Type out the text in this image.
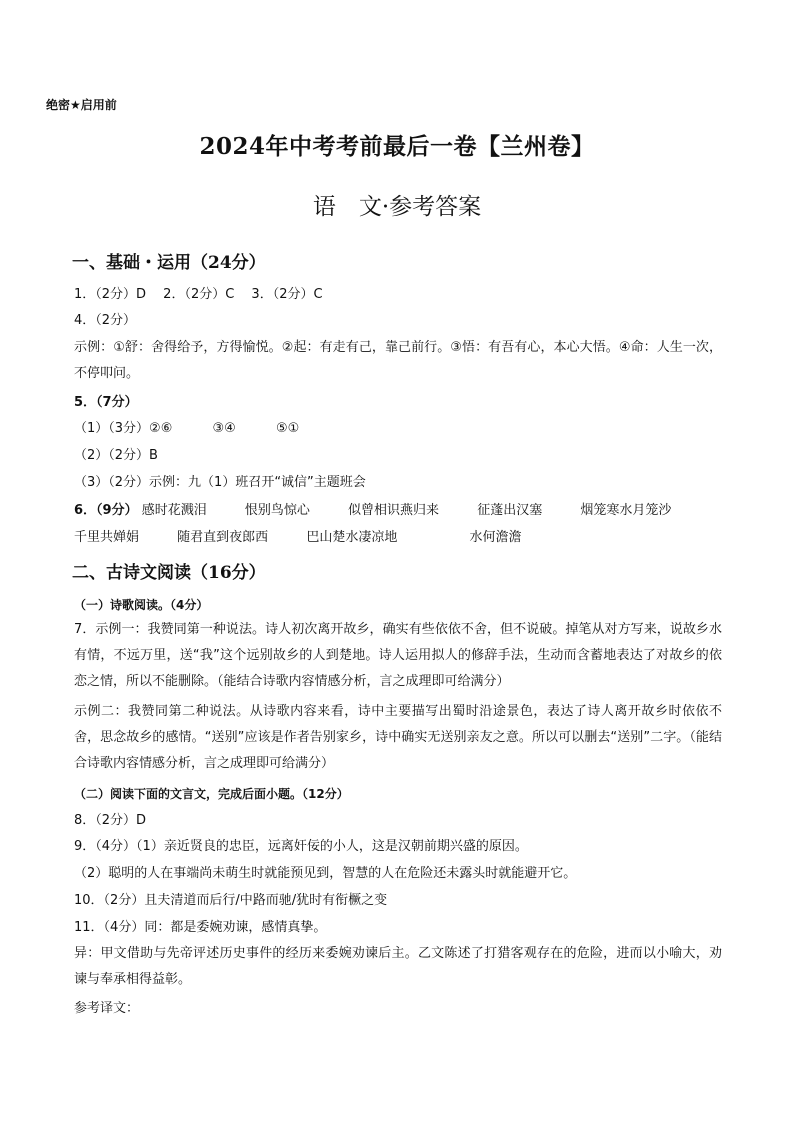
绝密★启用前
2024年中考考前最后一卷【兰州卷】
语　文·参考答案
一、基础・运用（24分）
1．（2分）D　 2．（2分）C　 3．（2分）C
4．（2分）
示例：①舒：舍得给予，方得愉悦。②起：有走有己，靠己前行。③悟：有吾有心，本心大悟。④命：人生一次，不停叩问。
5．（7分）
（1）（3分）②⑥	③④	⑤①
（2）（2分）B
（3）（2分）示例：九（1）班召开“诚信”主题班会
6．（9分） 感时花溅泪	恨别鸟惊心	似曾相识燕归来	征蓬出汉塞	烟笼寒水月笼沙
千里共婵娟	随君直到夜郎西	巴山楚水凄凉地	水何澹澹
二、古诗文阅读（16分）
（一）诗歌阅读。（4分）
7．示例一：我赞同第一种说法。诗人初次离开故乡，确实有些依依不舍，但不说破。掉笔从对方写来，说故乡水有情，不远万里，送“我”这个远别故乡的人到楚地。诗人运用拟人的修辞手法，生动而含蓄地表达了对故乡的依恋之情，所以不能删除。（能结合诗歌内容情感分析，言之成理即可给满分）
示例二：我赞同第二种说法。从诗歌内容来看，诗中主要描写出蜀时沿途景色，表达了诗人离开故乡时依依不舍，思念故乡的感情。“送别”应该是作者告别家乡，诗中确实无送别亲友之意。所以可以删去“送别”二字。（能结合诗歌内容情感分析，言之成理即可给满分）
（二）阅读下面的文言文，完成后面小题。（12分）
8．（2分）D
9．（4分）（1）亲近贤良的忠臣，远离奸佞的小人，这是汉朝前期兴盛的原因。
（2）聪明的人在事端尚未萌生时就能预见到，智慧的人在危险还未露头时就能避开它。
10．（2分）且夫清道而后行/中路而驰/犹时有衔橛之变
11．（4分）同：都是委婉劝谏，感情真挚。
异：甲文借助与先帝评述历史事件的经历来委婉劝谏后主。乙文陈述了打猎客观存在的危险，进而以小喻大，劝谏与奉承相得益彰。
参考译文：
